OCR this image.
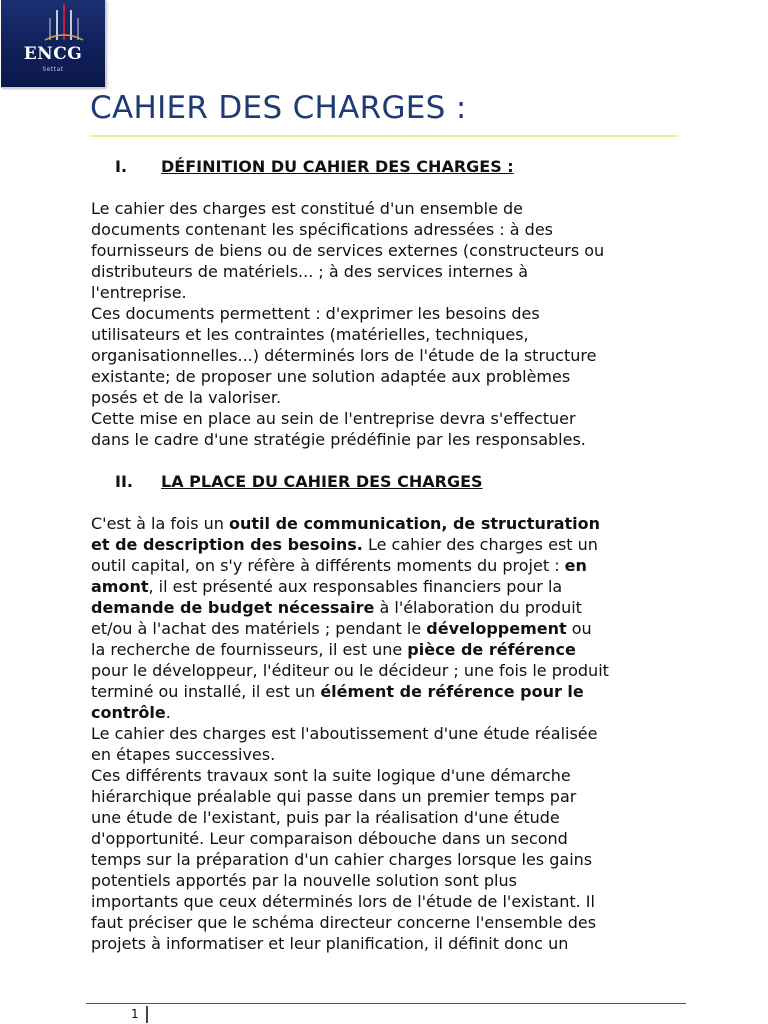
ENCG
Settat
CAHIER DES CHARGES :
I. DÉFINITION DU CAHIER DES CHARGES :
Le cahier des charges est constitué d'un ensemble de
documents contenant les spécifications adressées : à des
fournisseurs de biens ou de services externes (constructeurs ou
distributeurs de matériels... ; à des services internes à
l'entreprise.
Ces documents permettent : d'exprimer les besoins des
utilisateurs et les contraintes (matérielles, techniques,
organisationnelles...) déterminés lors de l'étude de la structure
existante; de proposer une solution adaptée aux problèmes
posés et de la valoriser.
Cette mise en place au sein de l'entreprise devra s'effectuer
dans le cadre d'une stratégie prédéfinie par les responsables.
II. LA PLACE DU CAHIER DES CHARGES
C'est à la fois un outil de communication, de structuration
et de description des besoins. Le cahier des charges est un
outil capital, on s'y réfère à différents moments du projet : en
amont, il est présenté aux responsables financiers pour la
demande de budget nécessaire à l'élaboration du produit
et/ou à l'achat des matériels ; pendant le développement ou
la recherche de fournisseurs, il est une pièce de référence
pour le développeur, l'éditeur ou le décideur ; une fois le produit
terminé ou installé, il est un élément de référence pour le
contrôle.
Le cahier des charges est l'aboutissement d'une étude réalisée
en étapes successives.
Ces différents travaux sont la suite logique d'une démarche
hiérarchique préalable qui passe dans un premier temps par
une étude de l'existant, puis par la réalisation d'une étude
d'opportunité. Leur comparaison débouche dans un second
temps sur la préparation d'un cahier charges lorsque les gains
potentiels apportés par la nouvelle solution sont plus
importants que ceux déterminés lors de l'étude de l'existant. Il
faut préciser que le schéma directeur concerne l'ensemble des
projets à informatiser et leur planification, il définit donc un
1
